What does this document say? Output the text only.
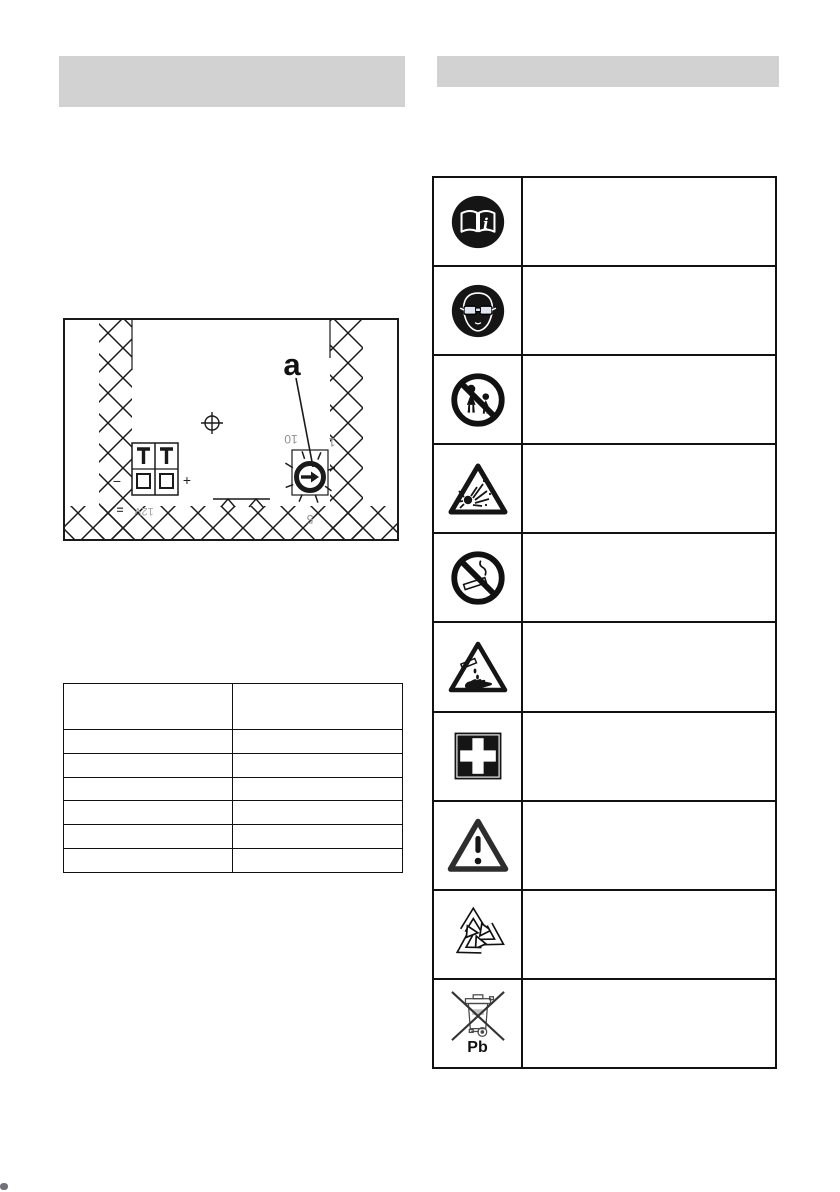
−	+
= 12V
10	1
5
a
i
Pb
